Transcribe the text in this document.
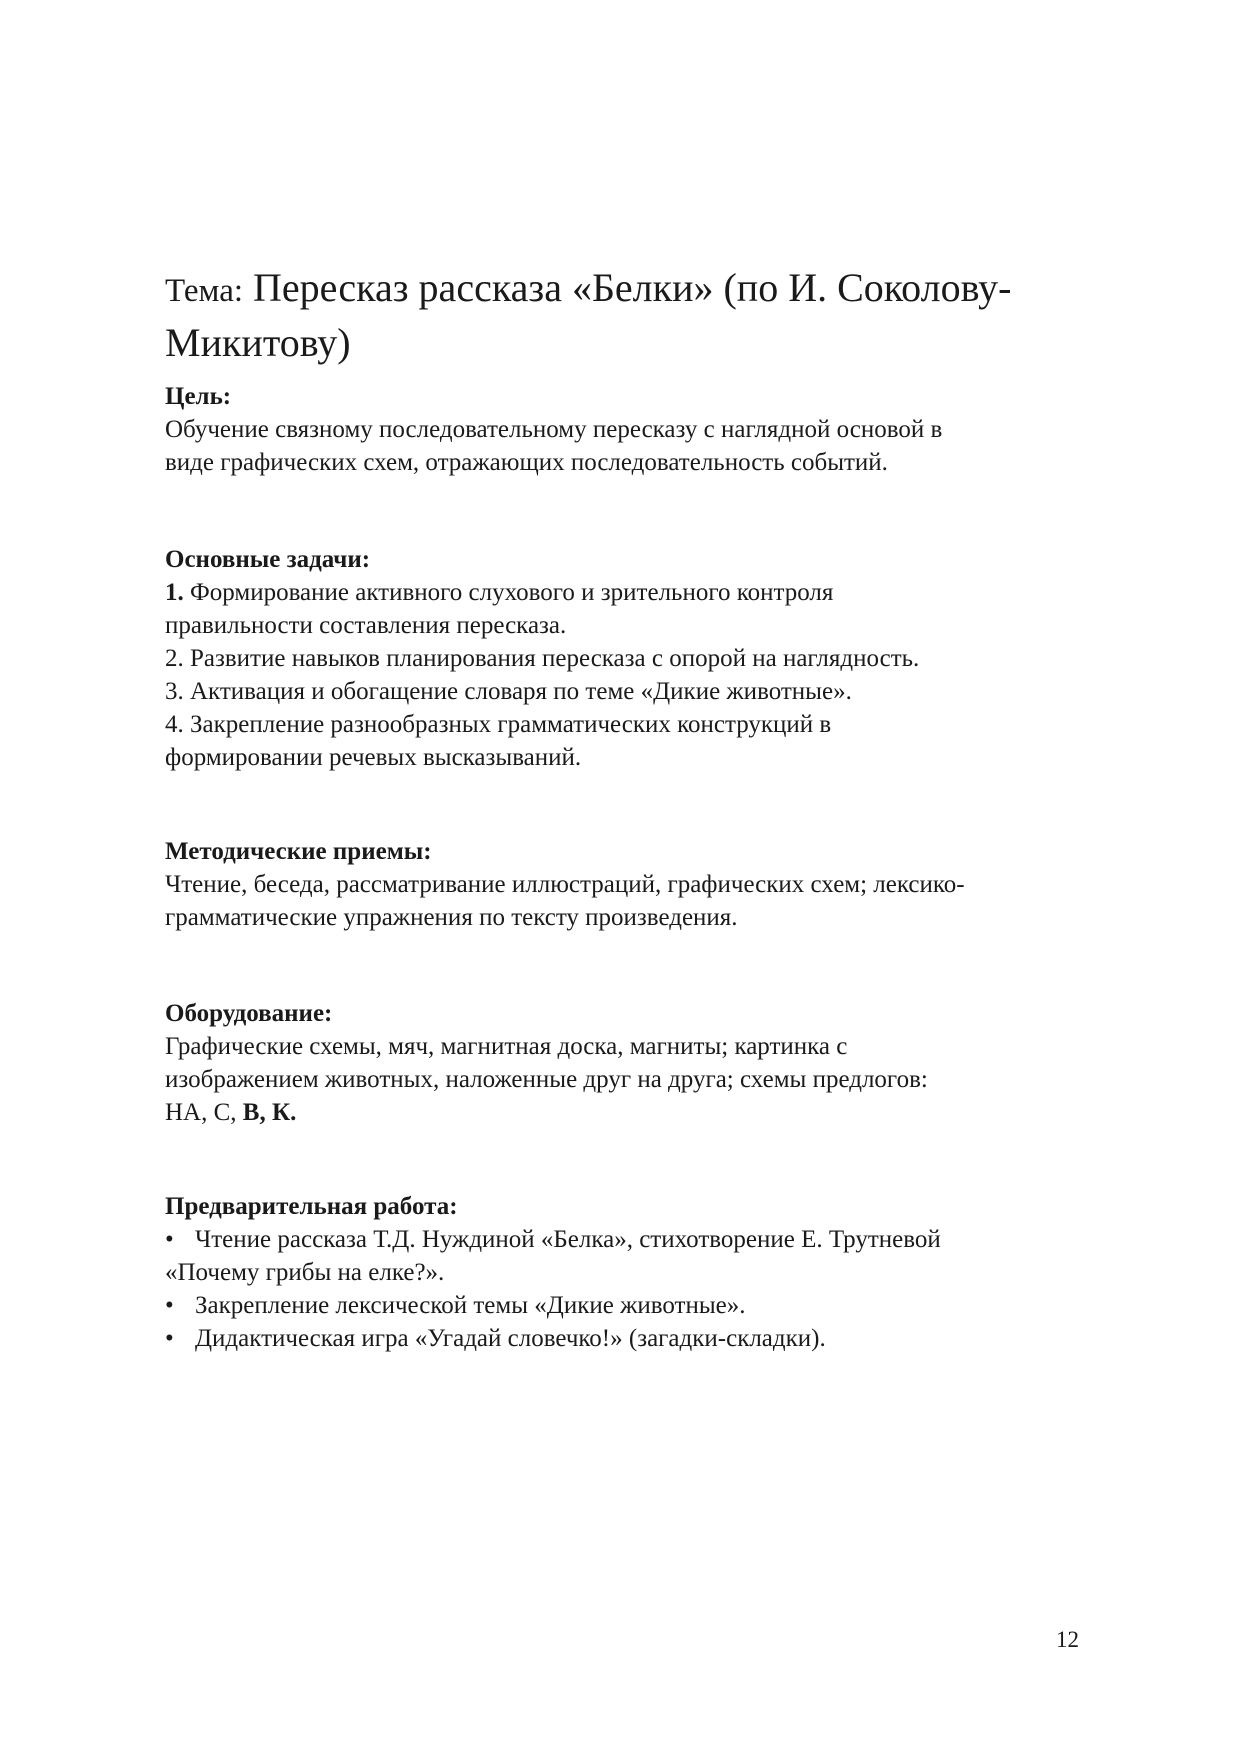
Тема: Пересказ рассказа «Белки» (по И. Соколову-
Микитову)
Цель:

Обучение связному последовательному пересказу с наглядной основой в
виде графических схем, отражающих последовательность событий.

Основные задачи:
1. Формирование активного слухового и зрительного контроля
правильности составления пересказа.
2. Развитие навыков планирования пересказа с опорой на наглядность.
3. Активация и обогащение словаря по теме «Дикие животные».
4. Закрепление разнообразных грамматических конструкций в
формировании речевых высказываний.
Методические приемы:

Чтение, беседа, рассматривание иллюстраций, графических схем; лексико-
грамматические упражнения по тексту произведения.

Оборудование:

Графические схемы, мяч, магнитная доска, магниты; картинка с
изображением животных, наложенные друг на друга; схемы предлогов:
НА, С, В, К.

Предварительная работа:
• Чтение рассказа Т.Д. Нуждиной «Белка», стихотворение Е. Трутневой
«Почему грибы на елке?».
• Закрепление лексической темы «Дикие животные».
• Дидактическая игра «Угадай словечко!» (загадки-складки).
12
